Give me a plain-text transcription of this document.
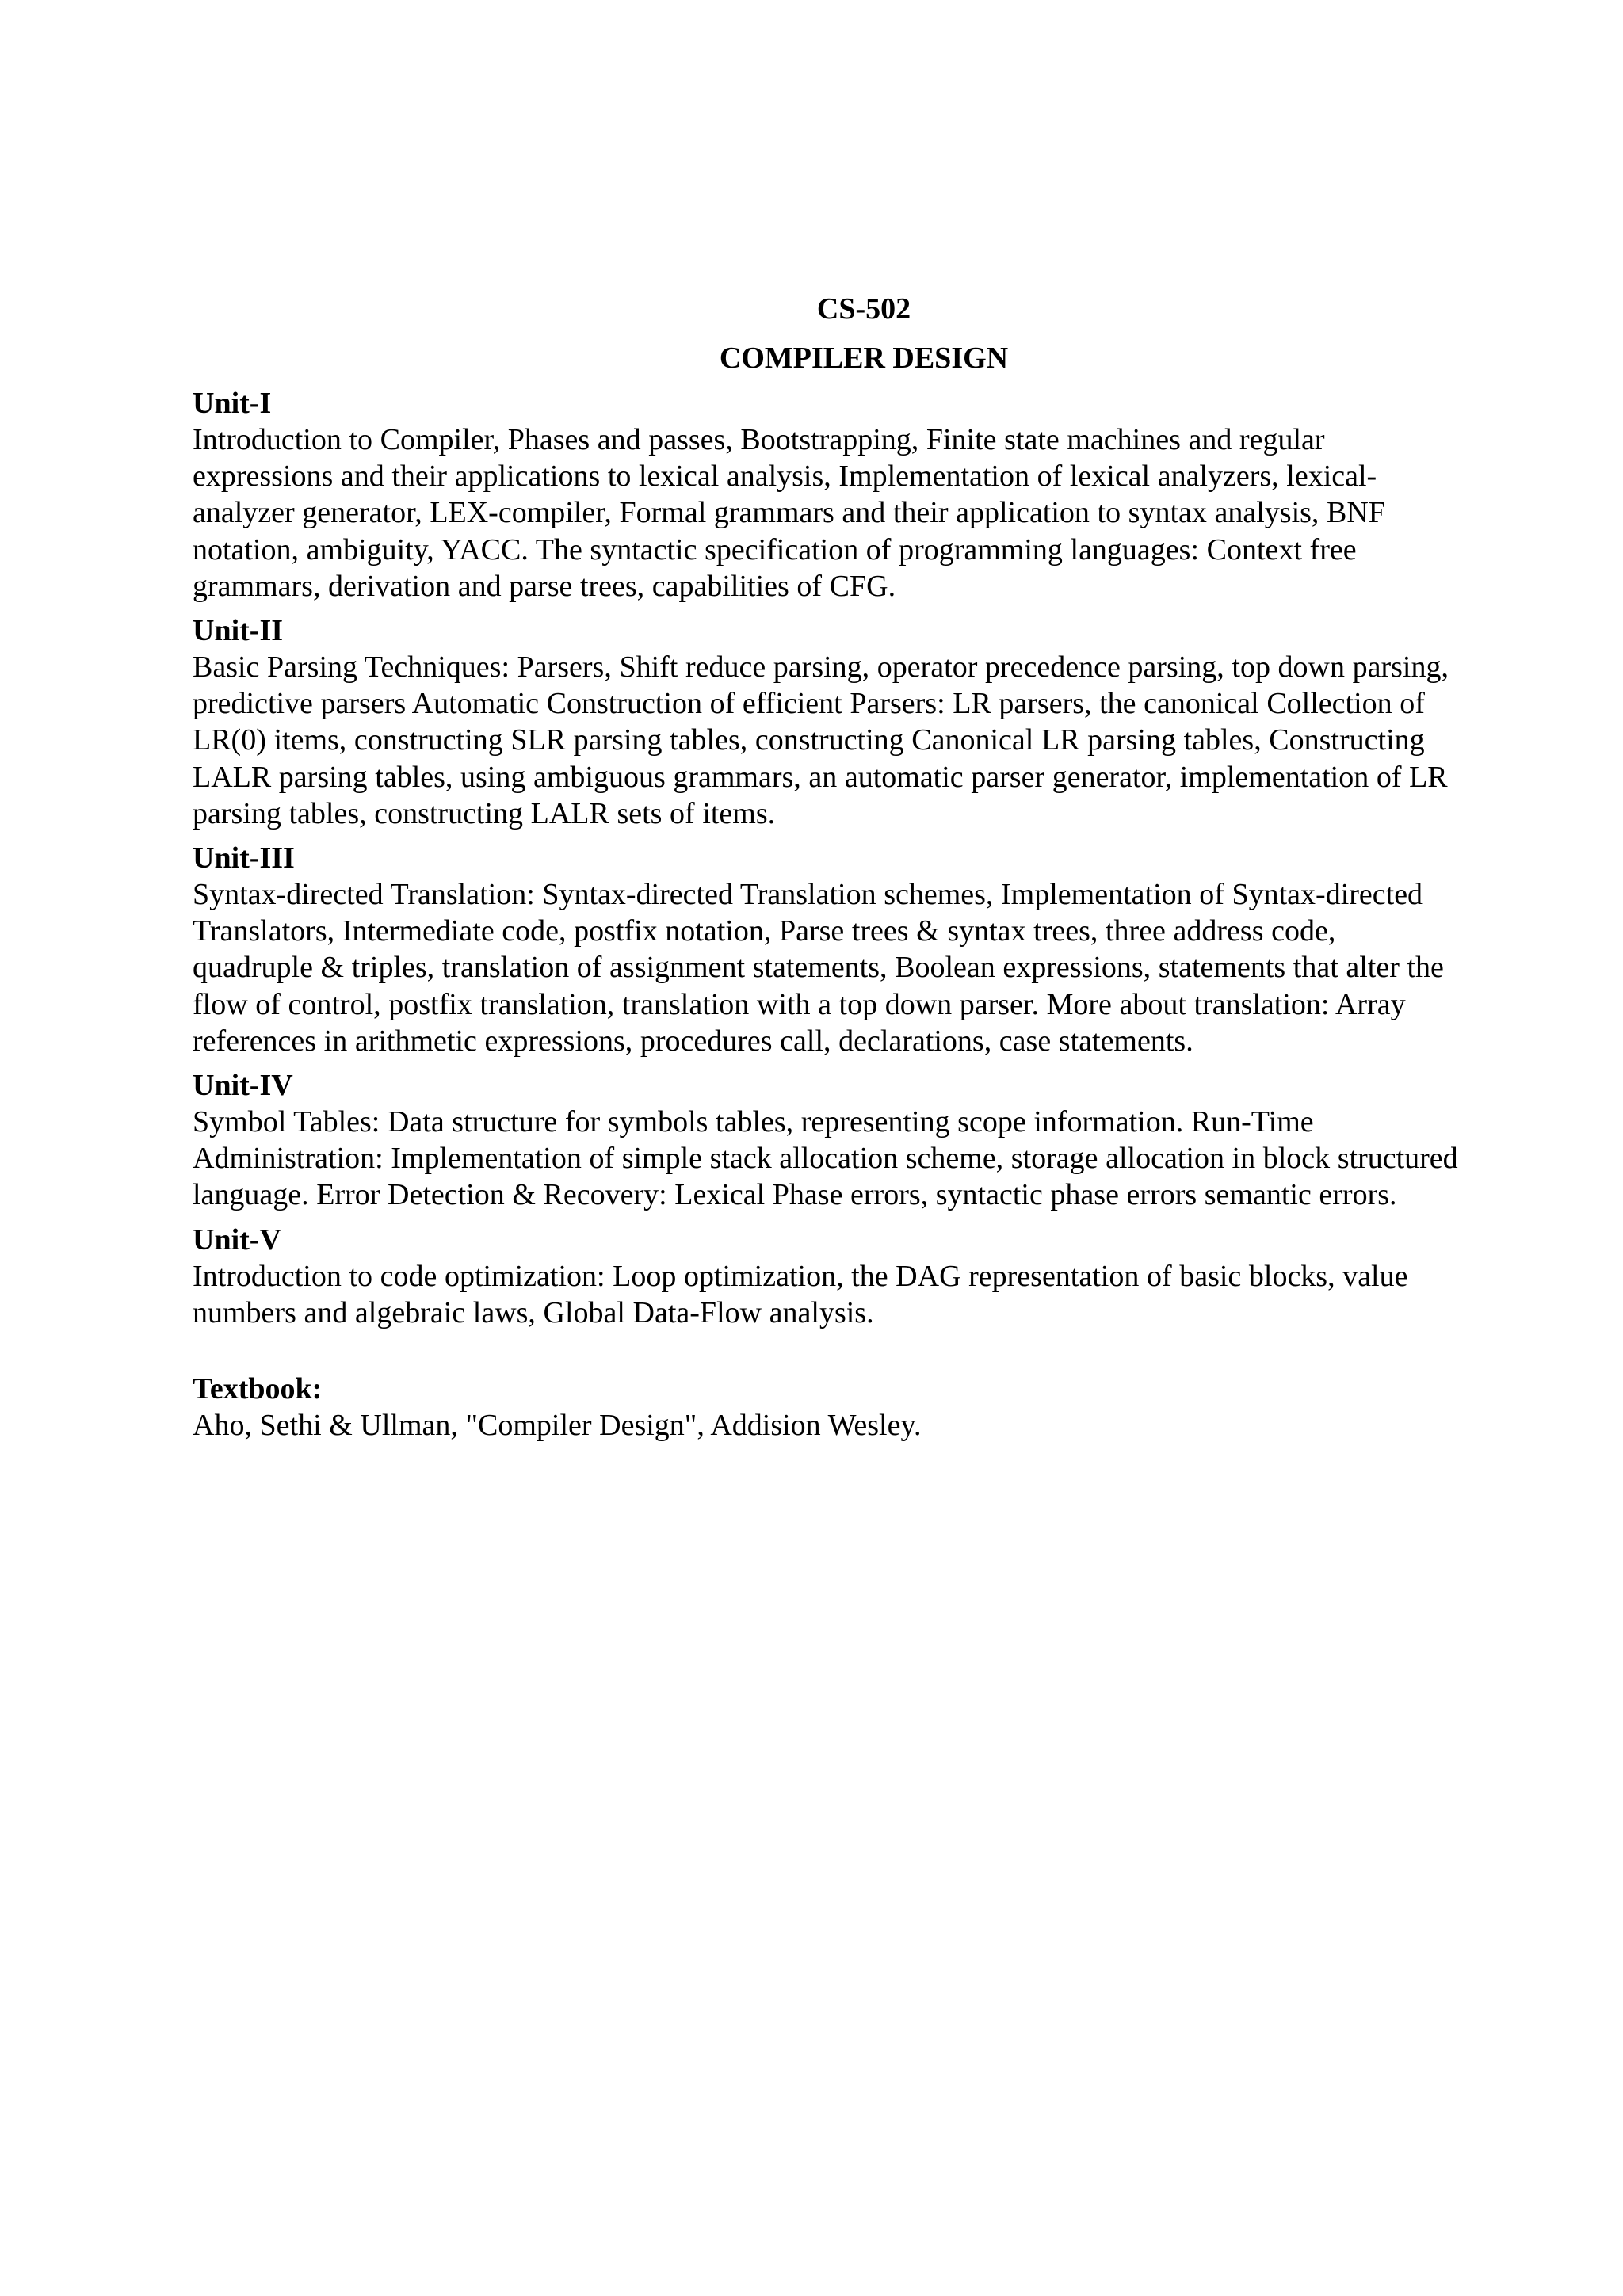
CS-502
COMPILER DESIGN
Unit-I
Introduction to Compiler, Phases and passes, Bootstrapping, Finite state machines and regular
expressions and their applications to lexical analysis, Implementation of lexical analyzers, lexical-
analyzer generator, LEX-compiler, Formal grammars and their application to syntax analysis, BNF
notation, ambiguity, YACC. The syntactic specification of programming languages: Context free
grammars, derivation and parse trees, capabilities of CFG.
Unit-II
Basic Parsing Techniques: Parsers, Shift reduce parsing, operator precedence parsing, top down parsing,
predictive parsers Automatic Construction of efficient Parsers: LR parsers, the canonical Collection of
LR(0) items, constructing SLR parsing tables, constructing Canonical LR parsing tables, Constructing
LALR parsing tables, using ambiguous grammars, an automatic parser generator, implementation of LR
parsing tables, constructing LALR sets of items.
Unit-III
Syntax-directed Translation: Syntax-directed Translation schemes, Implementation of Syntax-directed
Translators, Intermediate code, postfix notation, Parse trees & syntax trees, three address code,
quadruple & triples, translation of assignment statements, Boolean expressions, statements that alter the
flow of control, postfix translation, translation with a top down parser. More about translation: Array
references in arithmetic expressions, procedures call, declarations, case statements.
Unit-IV
Symbol Tables: Data structure for symbols tables, representing scope information. Run-Time
Administration: Implementation of simple stack allocation scheme, storage allocation in block structured
language. Error Detection & Recovery: Lexical Phase errors, syntactic phase errors semantic errors.
Unit-V
Introduction to code optimization: Loop optimization, the DAG representation of basic blocks, value
numbers and algebraic laws, Global Data-Flow analysis.
Textbook:
Aho, Sethi & Ullman, "Compiler Design", Addision Wesley.
